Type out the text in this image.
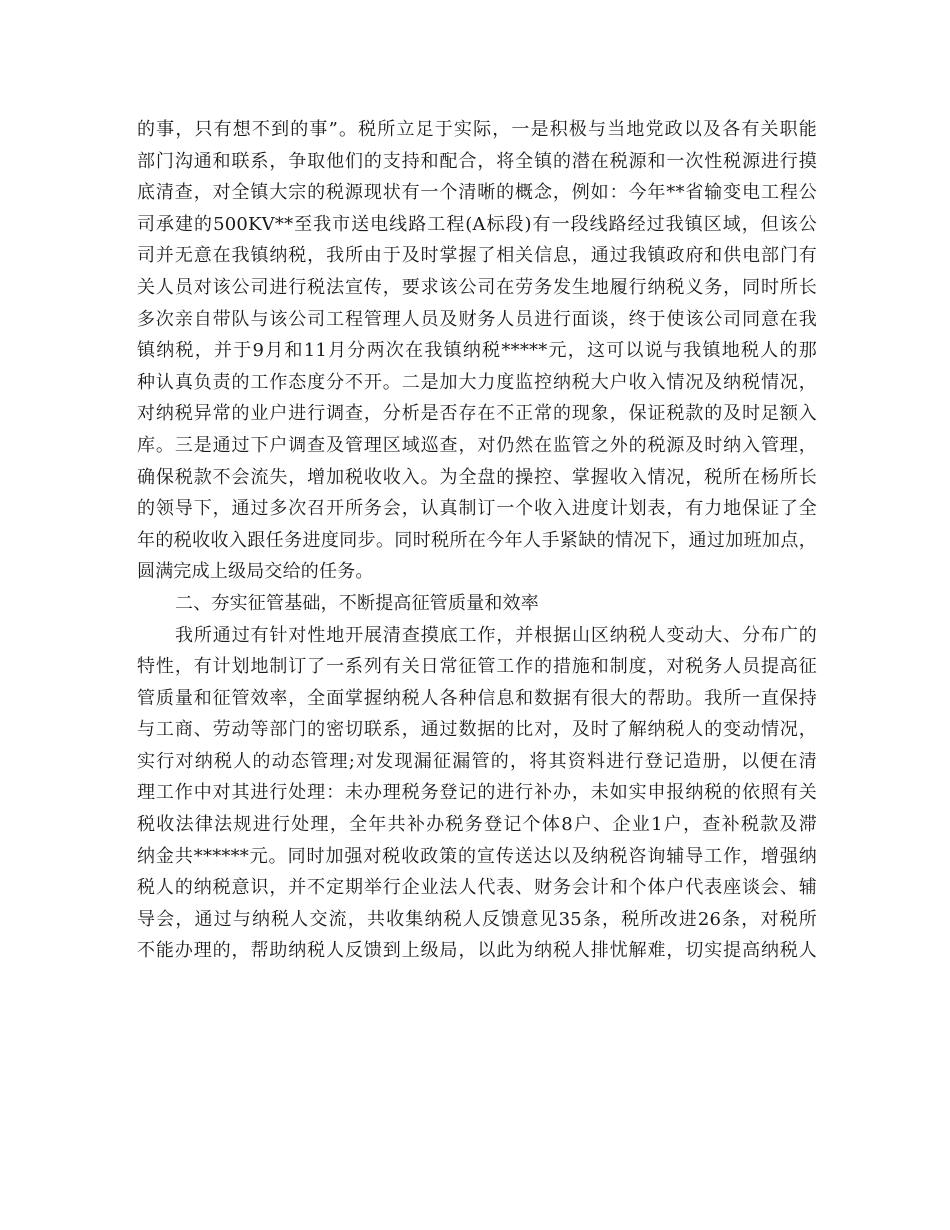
的事，只有想不到的事”。税所立足于实际，一是积极与当地党政以及各有关职能
部门沟通和联系，争取他们的支持和配合，将全镇的潜在税源和一次性税源进行摸
底清查，对全镇大宗的税源现状有一个清晰的概念，例如：今年**省输变电工程公
司承建的500KV**至我市送电线路工程(A标段)有一段线路经过我镇区域，但该公
司并无意在我镇纳税，我所由于及时掌握了相关信息，通过我镇政府和供电部门有
关人员对该公司进行税法宣传，要求该公司在劳务发生地履行纳税义务，同时所长
多次亲自带队与该公司工程管理人员及财务人员进行面谈，终于使该公司同意在我
镇纳税，并于9月和11月分两次在我镇纳税*****元，这可以说与我镇地税人的那
种认真负责的工作态度分不开。二是加大力度监控纳税大户收入情况及纳税情况，
对纳税异常的业户进行调查，分析是否存在不正常的现象，保证税款的及时足额入
库。三是通过下户调查及管理区域巡查，对仍然在监管之外的税源及时纳入管理，
确保税款不会流失，增加税收收入。为全盘的操控、掌握收入情况，税所在杨所长
的领导下，通过多次召开所务会，认真制订一个收入进度计划表，有力地保证了全
年的税收收入跟任务进度同步。同时税所在今年人手紧缺的情况下，通过加班加点，
圆满完成上级局交给的任务。
二、夯实征管基础，不断提高征管质量和效率
我所通过有针对性地开展清查摸底工作，并根据山区纳税人变动大、分布广的
特性，有计划地制订了一系列有关日常征管工作的措施和制度，对税务人员提高征
管质量和征管效率，全面掌握纳税人各种信息和数据有很大的帮助。我所一直保持
与工商、劳动等部门的密切联系，通过数据的比对，及时了解纳税人的变动情况，
实行对纳税人的动态管理;对发现漏征漏管的，将其资料进行登记造册，以便在清
理工作中对其进行处理：未办理税务登记的进行补办，未如实申报纳税的依照有关
税收法律法规进行处理，全年共补办税务登记个体8户、企业1户，查补税款及滞
纳金共******元。同时加强对税收政策的宣传送达以及纳税咨询辅导工作，增强纳
税人的纳税意识，并不定期举行企业法人代表、财务会计和个体户代表座谈会、辅
导会，通过与纳税人交流，共收集纳税人反馈意见35条，税所改进26条，对税所
不能办理的，帮助纳税人反馈到上级局，以此为纳税人排忧解难，切实提高纳税人
